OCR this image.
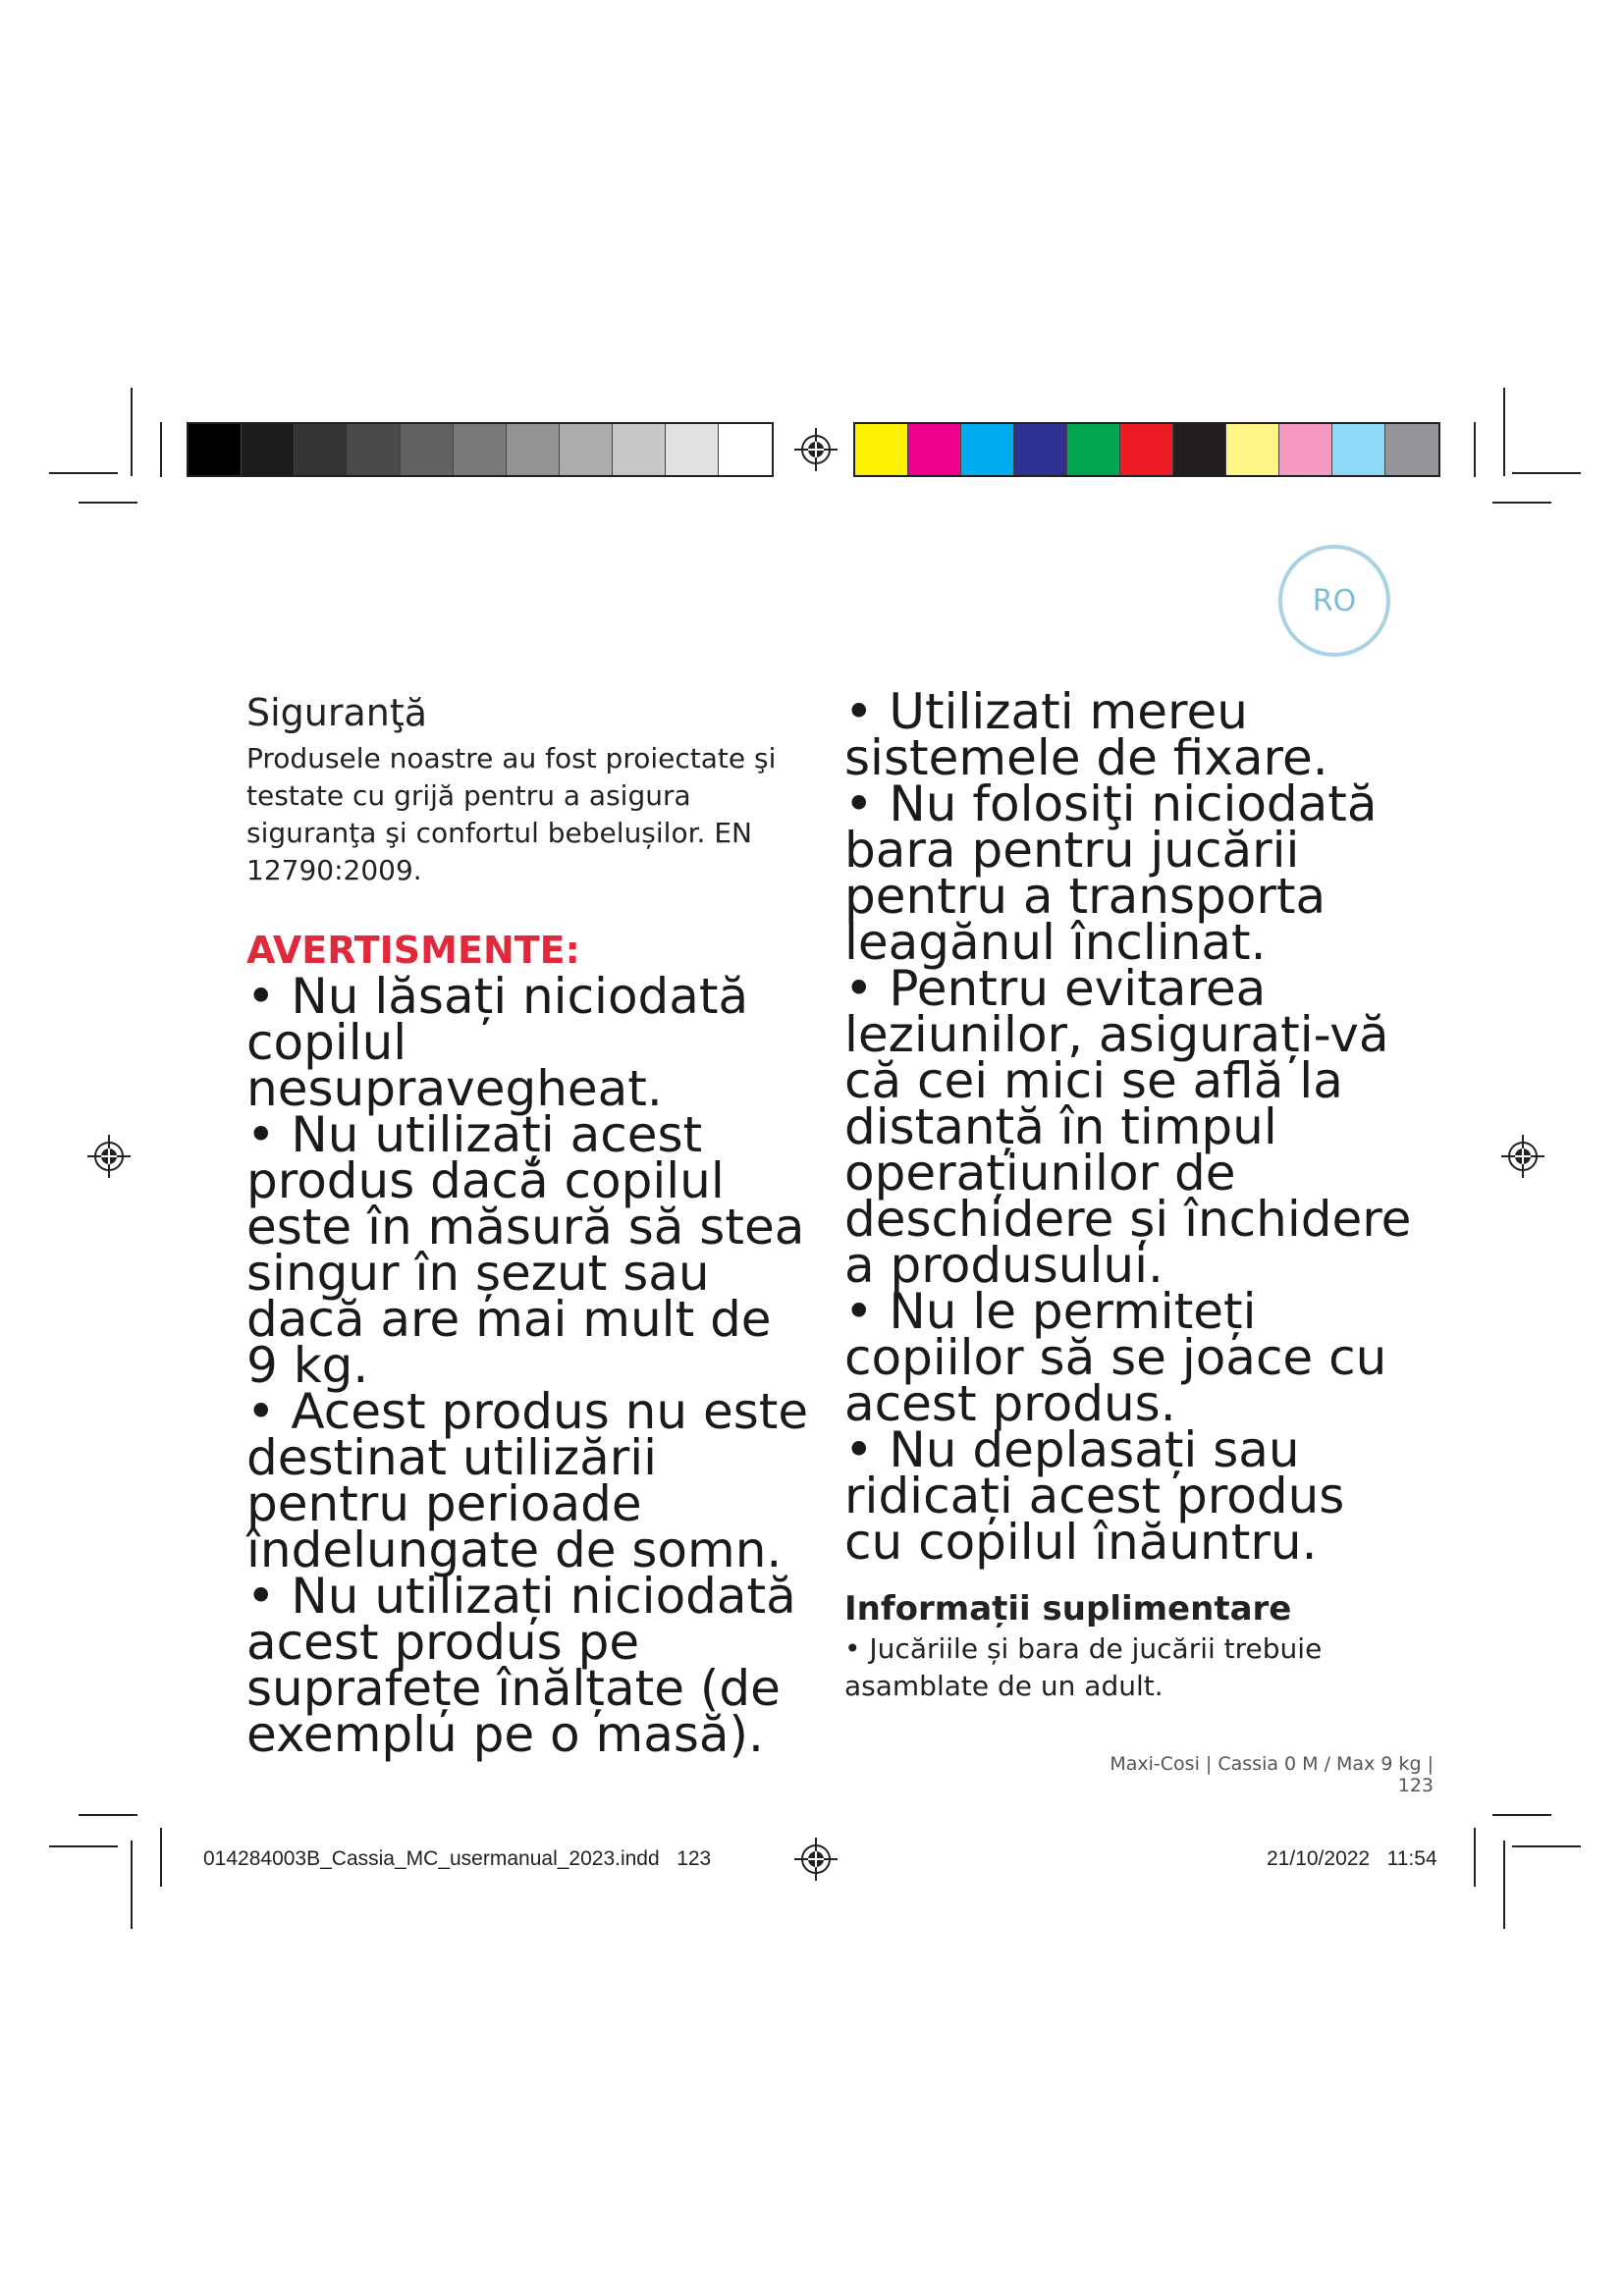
RO
Siguranţă

Produsele noastre au fost proiectate şi testate cu grijă pentru a asigura siguranţa şi confortul bebelușilor. EN 12790:2009.

AVERTISMENTE:

• Nu lăsați niciodată copilul nesupravegheat.

• Nu utilizați acest produs dacă copilul este în măsură să stea singur în șezut sau dacă are mai mult de 9 kg.

• Acest produs nu este destinat utilizării pentru perioade îndelungate de somn.

• Nu utilizați niciodată acest produs pe suprafețe înălțate (de exemplu pe o masă).

• Utilizati mereu sistemele de fixare.

• Nu folosiţi niciodată bara pentru jucării pentru a transporta leagănul înclinat.

• Pentru evitarea leziunilor, asigurați-vă că cei mici se află la distanță în timpul operațiunilor de deschidere și închidere a produsului.

• Nu le permiteți copiilor să se joace cu acest produs.

• Nu deplasați sau ridicați acest produs cu copilul înăuntru.

Informații suplimentare

• Jucăriile și bara de jucării trebuie asamblate de un adult.

Maxi-Cosi | Cassia 0 M / Max 9 kg | 123
014284003B_Cassia_MC_usermanual_2023.indd 123	21/10/2022 11:54
